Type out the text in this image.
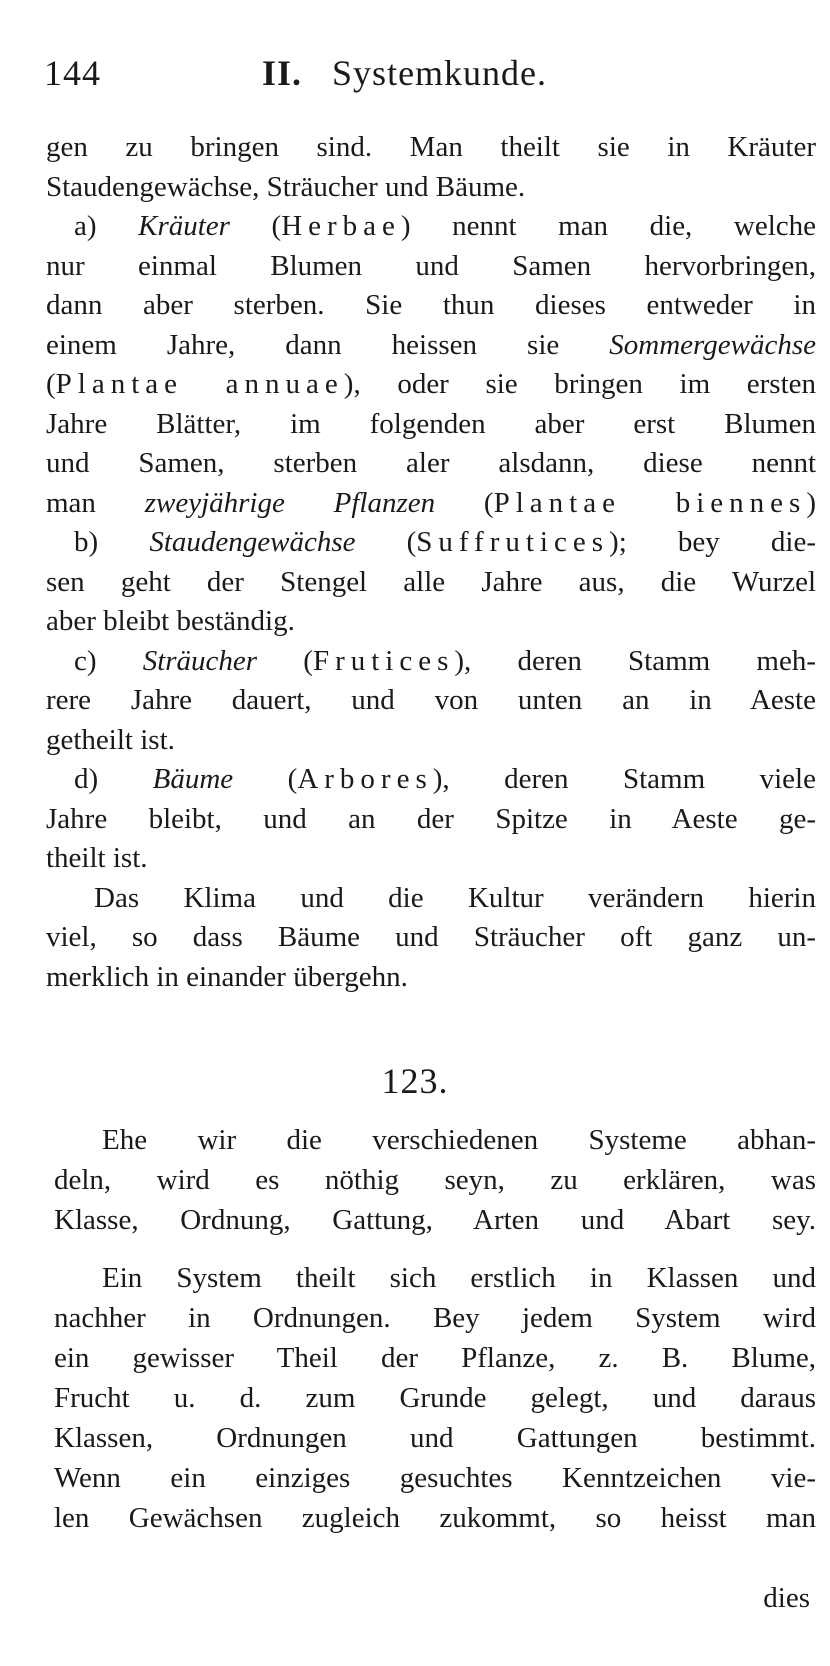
144	II. Systemkunde.
gen zu bringen sind. Man theilt sie in Kräuter
Staudengewächse, Sträucher und Bäume.
a) Kräuter (Herbae) nennt man die, welche
nur einmal Blumen und Samen hervorbringen,
dann aber sterben. Sie thun dieses entweder in
einem Jahre, dann heissen sie Sommergewächse
(Plantae annuae), oder sie bringen im ersten
Jahre Blätter, im folgenden aber erst Blumen
und Samen, sterben aler alsdann, diese nennt
man zweyjährige Pflanzen (Plantae biennes)
b) Staudengewächse (Suffrutices); bey die-
sen geht der Stengel alle Jahre aus, die Wurzel
aber bleibt beständig.
c) Sträucher (Frutices), deren Stamm meh-
rere Jahre dauert, und von unten an in Aeste
getheilt ist.
d) Bäume (Arbores), deren Stamm viele
Jahre bleibt, und an der Spitze in Aeste ge-
theilt ist.
Das Klima und die Kultur verändern hierin
viel, so dass Bäume und Sträucher oft ganz un-
merklich in einander übergehn.
123.
Ehe wir die verschiedenen Systeme abhan-
deln, wird es nöthig seyn, zu erklären, was
Klasse, Ordnung, Gattung, Arten und Abart sey.
Ein System theilt sich erstlich in Klassen und
nachher in Ordnungen. Bey jedem System wird
ein gewisser Theil der Pflanze, z. B. Blume,
Frucht u. d. zum Grunde gelegt, und daraus
Klassen, Ordnungen und Gattungen bestimmt.
Wenn ein einziges gesuchtes Kenntzeichen vie-
len Gewächsen zugleich zukommt, so heisst man
dies
